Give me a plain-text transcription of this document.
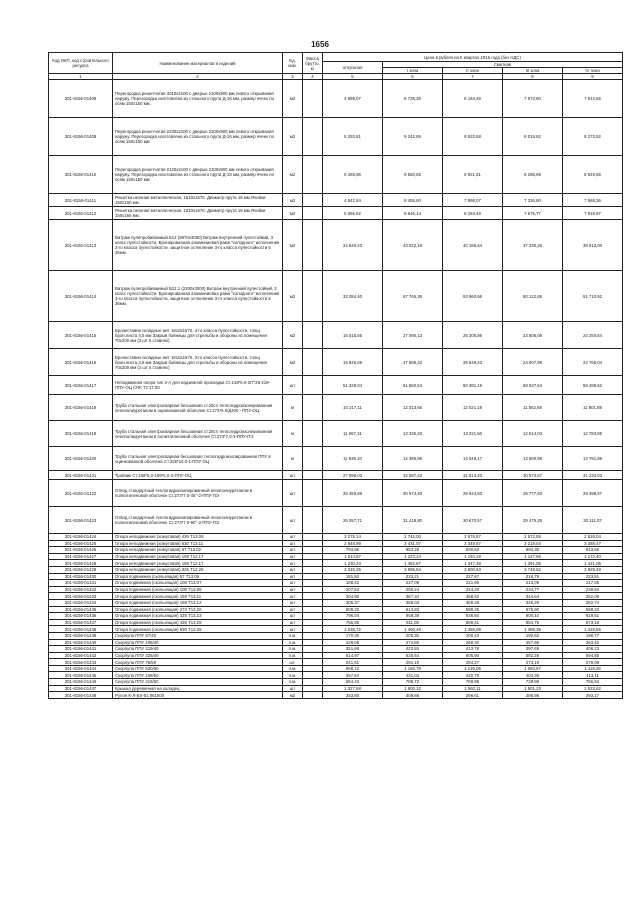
1656
Код ОКП, код строительного ресурса	Наименование материалов и изделий	Ед. изм.	Масса брутто, кг	Цена в рублях на II квартал 2016 года (без НДС)				
				отпускная	Сметная			
					I зона	II зона	III зона	IV зона
1	2	3	4	5	6	7	8	9
301-8156-01408	Перегородка решетчатая 3010х2100 с дверью 2100х900 мм левого открывания наружу. Перегородка изготовлена из стального прута Д-16 мм, размер ячеек по осям 150х150 мм.	м2		4 999,07	8 728,38	8 163,49	7 573,60	7 913,55
301-8156-01409	Перегородка решетчатая 2230х2100 с дверью 2100х900 мм левого открывания наружу. Перегородка изготовлена из стального прута Д-16 мм, размер ячеек по осям 150х150 мм	м2		5 293,61	9 242,65	8 633,68	8 019,62	8 273,92
301-8156-01410	Перегородка решетчатая 2120х2100 с дверью 2100х900 мм левого открывания наружу. Перегородка изготовлена из стального прута Д-16 мм, размер ячеек по осям 150х150 мм	м2		5 469,96	9 550,55	8 921,51	8 286,99	8 549,55
301-8156-01411	Решетка оконная металлическая, 1610х1670. Диаметр прута 16 мм.Ячейки 150х150 мм.	м2		4 842,84	8 455,60	7 898,07	7 336,80	7 569,36
301-8156-01412	Решетка оконная металлическая, 1810х1670. Диаметр прута 16 мм.Ячейки 150х150 мм.	м2		5 066,52	8 846,14	8 263,49	7 675,77	7 918,97
301-8156-01413	Витраж пулепробиваемый Б12 (6970х3050) Витраж внутренний пулестойкий, 3 класс пулестойкости. Бронированная алюминиевая рама "холодного" исполнения 3-го класса пулестойкости, защитное остекление 3-го класса пулестойкости в 35мм.	м2		24 640,43	43 022,19	40 186,54	37 330,25	38 513,00
301-8156-01414	Витраж пулепробиваемый Б12.1 (2300х3000) Витраж внутренний пулестойкий, 3 класс пулестойкости. Бронированная алюминиевая рама "холодного" исполнения 3-го класса пулестойкости, защитное остекление 3-го класса пулестойкости в 36мм.	м2		33 084,40	57 765,36	53 960,66	50 122,86	51 710,92
301-8156-01415	Бронеставни складные мет 1810х1670. 3-го класса пулестойкости, толщ брон.листа 4,5 мм Закрыв бойницы для стрельбы и обороны из помещения 70х200 мм (2 шт в ставнях)	м2		15 515,55	27 090,13	25 305,86	23 506,06	24 250,64
301-8156-01416	Бронеставни складные мет 1610х1670. 3-го класса пулестойкости, толщ брон.листа 4,5 мм Закрыв бойницы для стрельбы и обороны из помещения 70х200 мм (2 шт в ставнях)	м2		15 846,66	27 668,22	25 849,23	24 007,99	24 768,04
301-8156-01417	Неподвижная опора тип 3-А для надземной прокладки Ст.219*6.0-3/7"25-219-ППУ-ОЦ СПК ТУ.17.00	шт		51 328,04	61 660,54	60 391,19	58 037,64	59 289,52
301-8156-01418	Труба стальная электросварная бесшовная ст.20сп теплогидроизолированная пенополиуретаном в оцинкованной оболочке Ст.273*6.0/Д400 - ППУ-ОЦ	м		10 217,11	12 313,66	12 021,18	11 552,69	11 801,88
301-8156-01419	Труба стальная электросварная бесшовная ст.20сп теплогидроизолированная пенополиуретаном в полиэтиленовой оболочке Ст.273*7.0-2-ППУ-ПЭ	м		11 067,31	13 335,32	13 021,50	12 514,03	12 783,95
301-8156-01420	Труба стальная электросварная бесшовная теплогидроизолированная ППУ в оцинкованной оболочке Ст.325*10.0-1-ППУ-ОЦ	м		11 939,10	14 385,96	14 048,17	13 500,98	13 791,86
301-8156-01421	Тройник Ст.159*6,0-159*6,0-2-ППУ-ОЦ	шт		27 098,03	32 587,43	31 813,40	30 573,57	31 233,03
301-8156-01422	Отвод стандартный теплогидроизолированный пенополиуретаном в полиэтиленовой оболочке Ст.273*7.0-45°-2-ППУ-ПЭ	шт		25 450,88	30 673,40	29 944,83	28 777,83	29 398,57
301-8156-01423	Отвод стандартный теплогидроизолированный пенополиуретаном в полиэтиленовой оболочке Ст.273*7.0-90°-2-ППУ-ПЭ	шт		26 057,71	31 418,80	30 670,57	29 475,28	30 111,07
301-8156-01424	Опора неподвижная (хомутовая) 426 Т13.09	шт		2 275,14	2 742,00	2 676,87	2 572,55	2 628,04
301-8156-01425	Опора неподвижная (хомутовая) 530 Т13.11	шт		2 848,99	3 431,07	3 349,57	3 219,04	3 288,47
301-8156-01426	Опора неподвижная (хомутовая) 57 Т13.02	шт		793,96	953,28	930,62	894,35	913,65
301-8156-01427	Опора неподвижная (хомутовая) 159 Т12.17	шт		1 014,87	1 223,24	1 194,19	1 147,65	1 172,40
301-8156-01428	Опора неподвижная (хомутовая) 159 Т12.17	шт		1 230,23	1 482,67	1 447,48	1 391,05	1 421,05
301-8156-01429	Опора неподвижная (хомутовая) 325 Т12.26	шт		3 315,25	3 995,54	3 900,63	3 748,62	3 829,48
301-8156-01430	Опора подвижная (скользящая) 57 Т13.06	шт		181,50	233,21	227,67	218,79	223,51
301-8156-01431	Опора подвижная (скользящая) 108 Т13.07	шт		188,42	227,08	221,69	213,05	217,65
301-8156-01432	Опора подвижная (скользящая) 108 Т13.08	шт		207,63	250,24	244,29	234,77	239,84
301-8156-01433	Опора подвижная (скользящая) 159 Т13.11	шт		304,80	367,34	358,62	344,64	352,08
301-8156-01434	Опора подвижная (скользящая) 159 Т13.12	шт		305,37	368,03	359,28	345,29	352,74
301-8156-01435	Опора подвижная (скользящая) 273 Т13.20	шт		509,32	613,83	599,25	575,90	588,32
301-8156-01436	Опора подвижная (скользящая) 325 Т13.23	шт		796,04	959,39	936,60	900,10	919,51
301-8156-01437	Опора подвижная (скользящая) 426 Т13.29	шт		755,95	911,05	889,41	854,75	873,18
301-8156-01438	Опора подвижная (скользящая) 530 Т13.35	шт		1 236,72	1 490,49	1 455,08	1 398,38	1 428,55
301-8156-01439	Скорлупа ППУ 57/40	п.м.		170,35	205,30	200,43	192,62	196,77
301-8156-01440	Скорлупа ППУ 108/40	п.м.		228,05	274,85	268,32	257,86	263,42
301-8156-01441	Скорлупа ППУ 219/40	п.м.		351,68	423,84	413,78	397,65	406,23
301-8156-01442	Скорлупа ППУ 325/40	п.м.		514,97	620,64	605,90	582,29	594,85
301-8156-01443	Скорлупа ППУ 76/50	шт.		241,61	291,19	284,27	273,19	279,08
301-8156-01444	Скорлупа ППУ 530/50	п.м.		968,12	1 166,78	1 139,06	1 094,67	1 118,28
301-8156-01445	Скорлупа ППУ 108/50	п.м.		357,64	431,03	420,79	404,39	413,11
301-8156-01446	Скорлупа ППУ 219/50	п.м.		654,43	788,72	769,98	739,98	755,94
301-8156-01447	Крышка деревянная на холодец	шт		1 327,68	1 600,12	1 562,11	1 501,23	1 533,62
301-8156-01448	Рулон К-Л-ЕХ-51 061000	м2		253,80	305,88	298,61	286,98	293,17
